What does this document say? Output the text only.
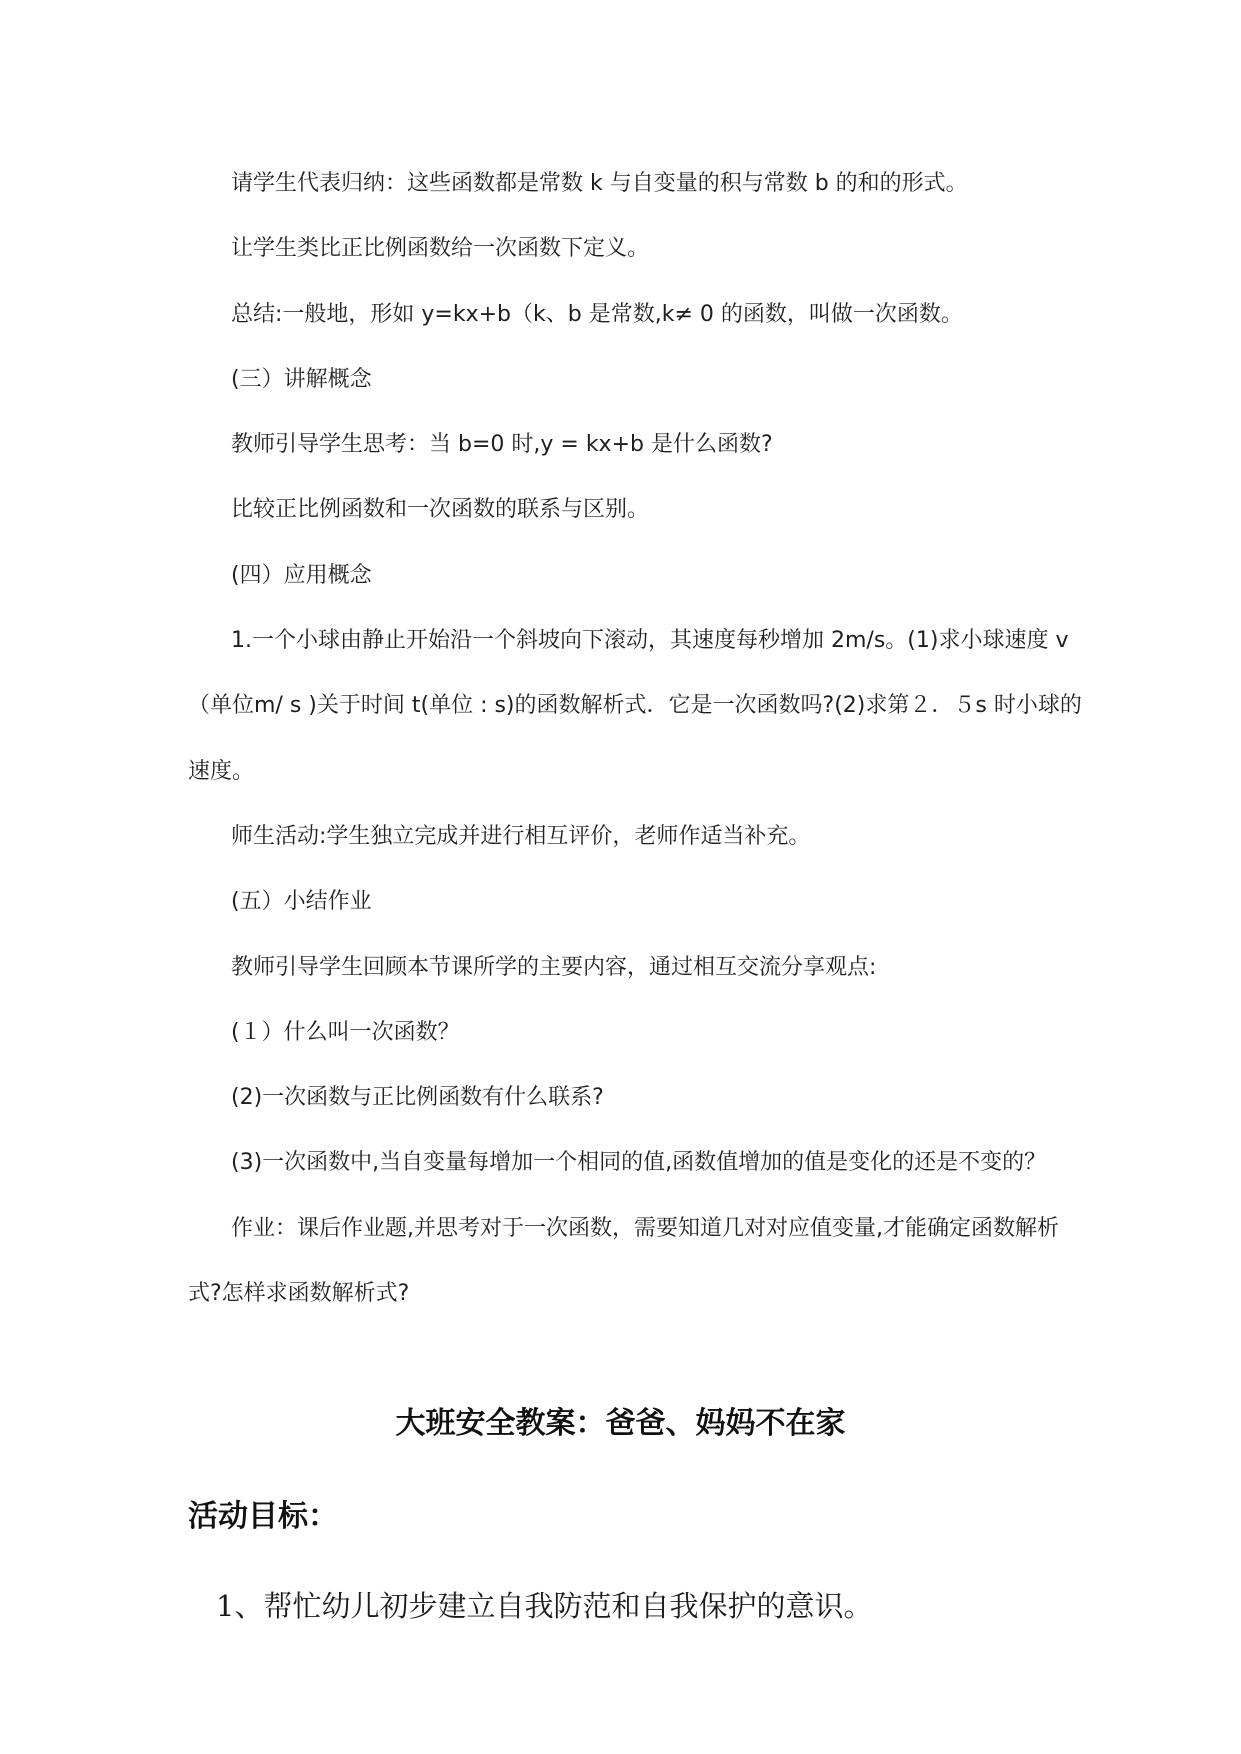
请学生代表归纳：这些函数都是常数 k 与自变量的积与常数 b 的和的形式。
让学生类比正比例函数给一次函数下定义。
总结:一般地，形如 y=kx+b（k、b 是常数,k≠ 0 的函数，叫做一次函数。
(三）讲解概念
教师引导学生思考：当 b=0 时,y = kx+b 是什么函数?
比较正比例函数和一次函数的联系与区别。
(四）应用概念
1.一个小球由静止开始沿一个斜坡向下滚动，其速度每秒增加 2m/s。(1)求小球速度 v
（单位m/ s )关于时间 t(单位 : s)的函数解析式．它是一次函数吗?(2)求第２．５s 时小球的
速度。
师生活动:学生独立完成并进行相互评价，老师作适当补充。
(五）小结作业
教师引导学生回顾本节课所学的主要内容，通过相互交流分享观点:
(１）什么叫一次函数？
(2)一次函数与正比例函数有什么联系?
(3)一次函数中,当自变量每增加一个相同的值,函数值增加的值是变化的还是不变的？
作业：课后作业题,并思考对于一次函数，需要知道几对对应值变量,才能确定函数解析
式?怎样求函数解析式?
大班安全教案：爸爸、妈妈不在家
活动目标：
1、帮忙幼儿初步建立自我防范和自我保护的意识。
